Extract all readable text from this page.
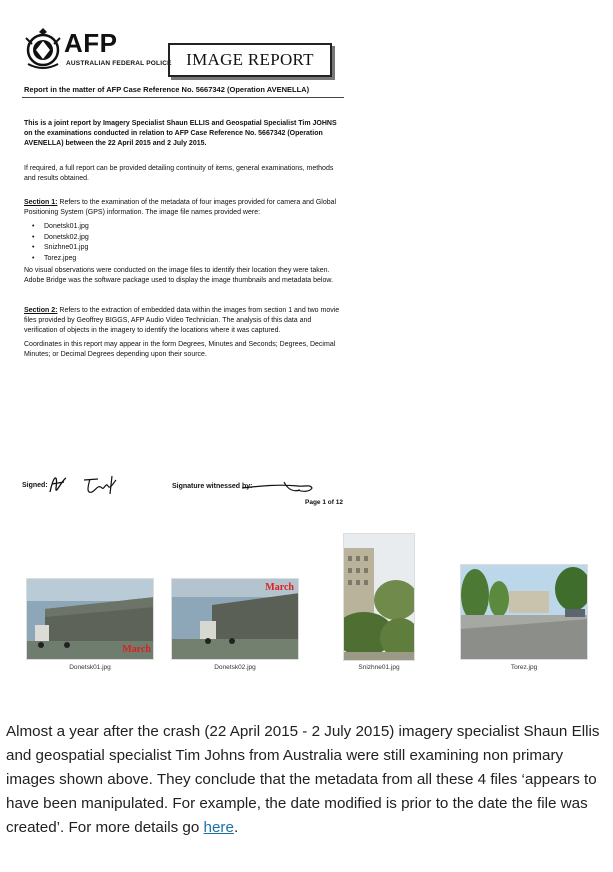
AFP
AUSTRALIAN FEDERAL POLICE IMAGE REPORT
Report in the matter of AFP Case Reference No. 5667342 (Operation AVENELLA)
This is a joint report by Imagery Specialist Shaun ELLIS and Geospatial Specialist Tim JOHNS on the examinations conducted in relation to AFP Case Reference No. 5667342 (Operation AVENELLA) between the 22 April 2015 and 2 July 2015.
If required, a full report can be provided detailing continuity of items, general examinations, methods and results obtained.
Section 1: Refers to the examination of the metadata of four images provided for camera and Global Positioning System (GPS) information. The image file names provided were:
• Donetsk01.jpg
• Donetsk02.jpg
• Snizhne01.jpg
• Torez.jpeg
No visual observations were conducted on the image files to identify their location they were taken. Adobe Bridge was the software package used to display the image thumbnails and metadata below.
Section 2: Refers to the extraction of embedded data within the images from section 1 and two movie files provided by Geoffrey BIGGS, AFP Audio Video Technician. The analysis of this data and verification of objects in the imagery to identify the locations where it was captured.
Coordinates in this report may appear in the form Degrees, Minutes and Seconds; Degrees, Decimal Minutes; or Decimal Degrees depending upon their source.
Signed:	Signature witnessed by:
Page 1 of 12
March
Donetsk01.jpg
March
Donetsk02.jpg	Snizhne01.jpg	Torez.jpg
Almost a year after the crash (22 April 2015 - 2 July 2015) imagery specialist Shaun Ellis and geospatial specialist Tim Johns from Australia were still examining non primary images shown above. They conclude that the metadata from all these 4 files ‘appears to have been manipulated. For example, the date modified is prior to the date the file was created’. For more details go here.
